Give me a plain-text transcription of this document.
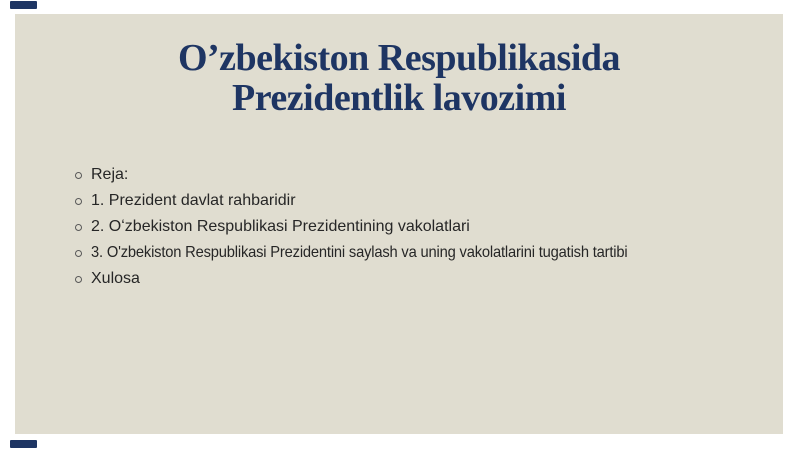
O’zbekiston Respublikasida
Prezidentlik lavozimi
Reja:
1. Prezident davlat rahbaridir
2. Oʻzbekiston Respublikasi Prezidentining vakolatlari
3. O'zbekiston Respublikasi Prezidentini saylash va uning vakolatlarini tugatish tartibi
Xulosa
